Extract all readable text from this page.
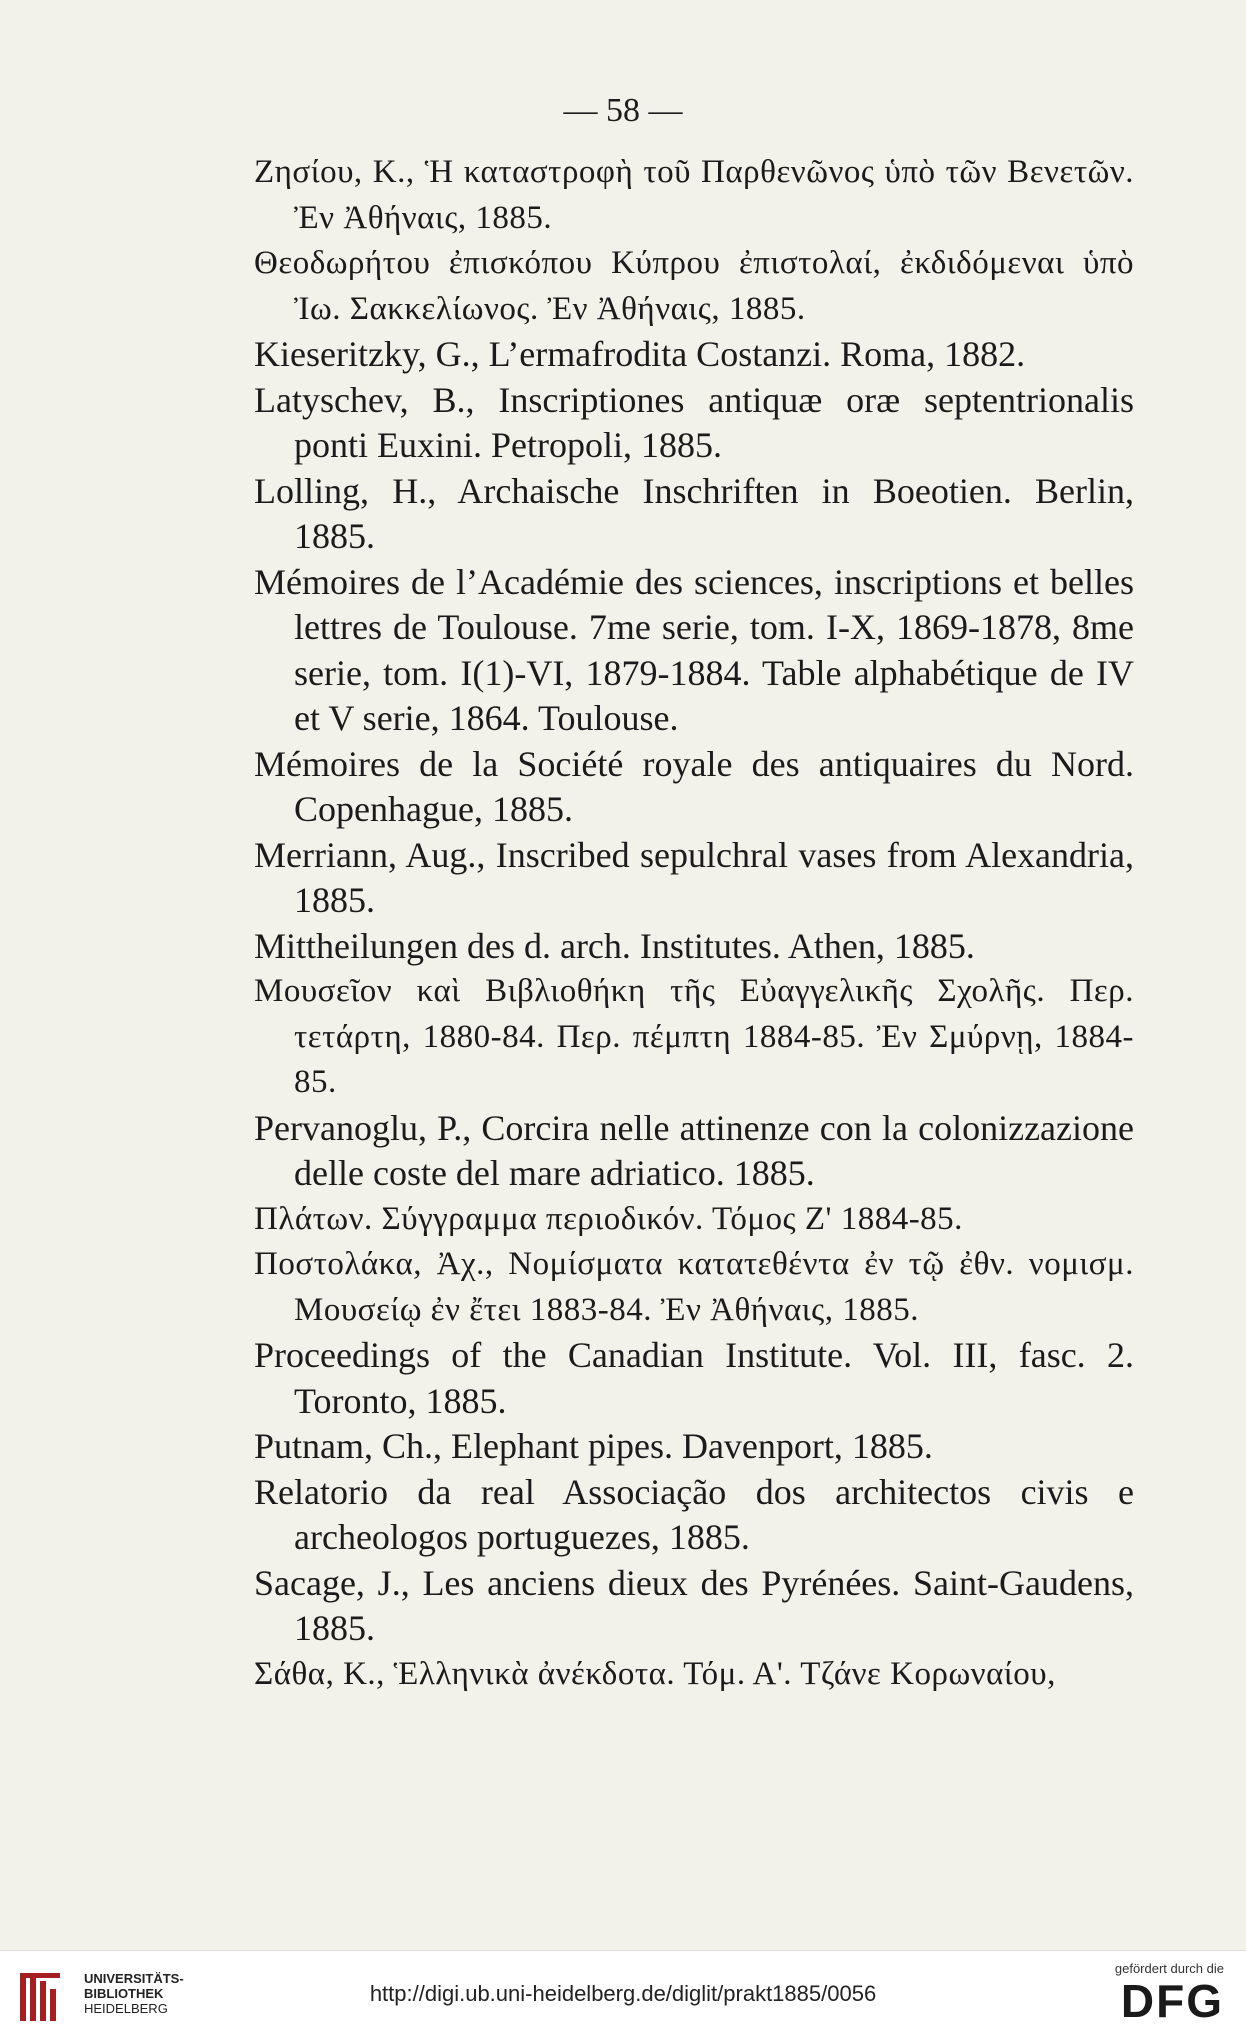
— 58 —

Ζησίου, Κ., Ἡ καταστροφὴ τοῦ Παρθενῶνος ὑπὸ τῶν Βενετῶν. Ἐν Ἀθήναις, 1885.

Θεοδωρήτου ἐπισκόπου Κύπρου ἐπιστολαί, ἐκδιδόμεναι ὑπὸ Ἰω. Σακκελίωνος. Ἐν Ἀθήναις, 1885.

Kieseritzky, G., L’ermafrodita Costanzi. Roma, 1882.

Latyschev, B., Inscriptiones antiquæ oræ septentrionalis ponti Euxini. Petropoli, 1885.

Lolling, H., Archaische Inschriften in Boeotien. Berlin, 1885.

Mémoires de l’Académie des sciences, inscriptions et belles lettres de Toulouse. 7me serie, tom. I-X, 1869-1878, 8me serie, tom. I(1)-VI, 1879-1884. Table alphabétique de IV et V serie, 1864. Toulouse.

Mémoires de la Société royale des antiquaires du Nord. Copenhague, 1885.

Merriann, Aug., Inscribed sepulchral vases from Alexandria, 1885.

Mittheilungen des d. arch. Institutes. Athen, 1885.

Μουσεῖον καὶ Βιβλιοθήκη τῆς Εὐαγγελικῆς Σχολῆς. Περ. τετάρτη, 1880-84. Περ. πέμπτη 1884-85. Ἐν Σμύρνῃ, 1884-85.

Pervanoglu, P., Corcira nelle attinenze con la colonizzazione delle coste del mare adriatico. 1885.

Πλάτων. Σύγγραμμα περιοδικόν. Τόμος Ζ' 1884-85.

Ποστολάκα, Ἀχ., Νομίσματα κατατεθέντα ἐν τῷ ἐθν. νομισμ. Μουσείῳ ἐν ἔτει 1883-84. Ἐν Ἀθήναις, 1885.

Proceedings of the Canadian Institute. Vol. III, fasc. 2. Toronto, 1885.

Putnam, Ch., Elephant pipes. Davenport, 1885.

Relatorio da real Associação dos architectos civis e archeologos portuguezes, 1885.

Sacage, J., Les anciens dieux des Pyrénées. Saint-Gaudens, 1885.

Σάθα, Κ., Ἑλληνικὰ ἀνέκδοτα. Τόμ. Α'. Τζάνε Κορωναίου,

UNIVERSITÄTS-
BIBLIOTHEK
HEIDELBERG
http://digi.ub.uni-heidelberg.de/diglit/prakt1885/0056
gefördert durch die
DFG
